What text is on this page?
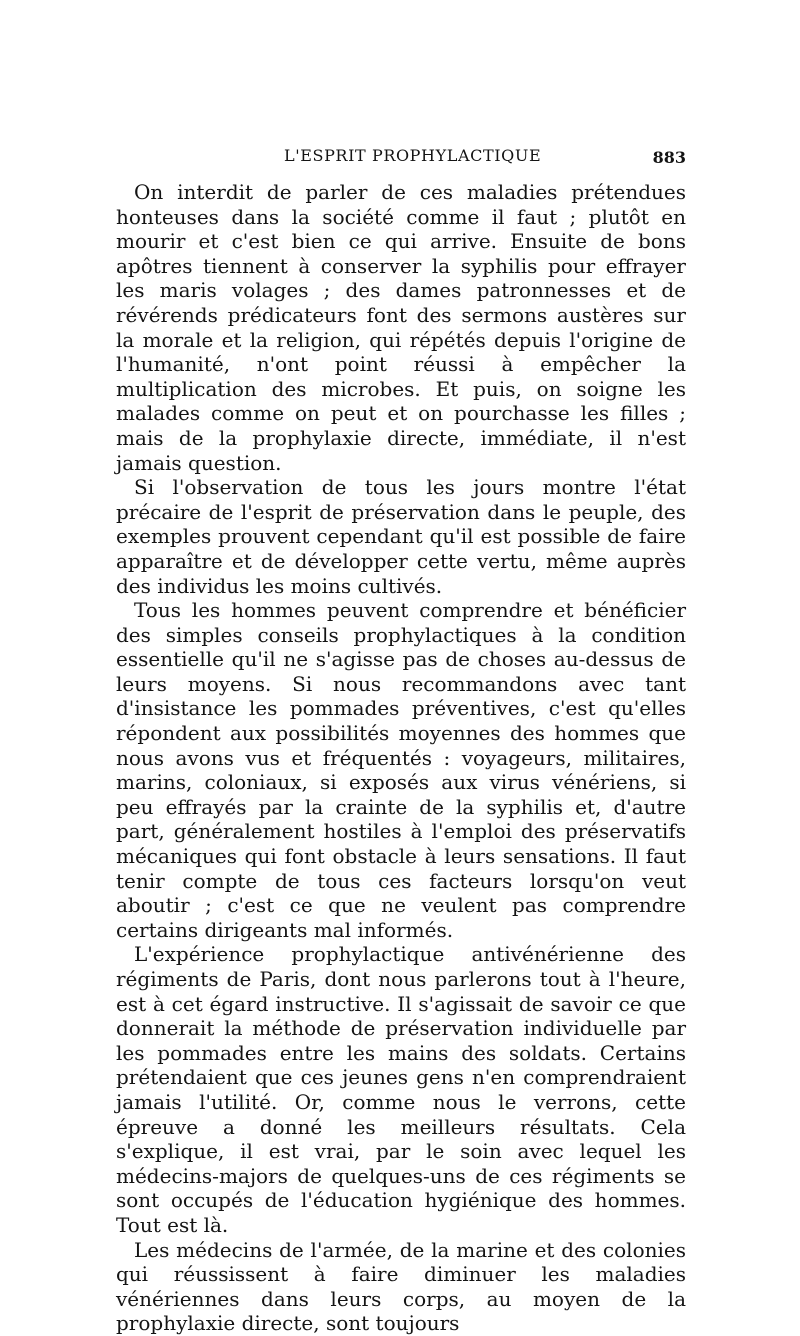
L'ESPRIT PROPHYLACTIQUE	883

On interdit de parler de ces maladies prétendues honteuses dans la société comme il faut ; plutôt en mourir et c'est bien ce qui arrive. Ensuite de bons apôtres tiennent à conserver la syphilis pour effrayer les maris volages ; des dames patronnesses et de révérends prédicateurs font des sermons austères sur la morale et la religion, qui répétés depuis l'origine de l'humanité, n'ont point réussi à empêcher la multiplication des microbes. Et puis, on soigne les malades comme on peut et on pourchasse les filles ; mais de la prophylaxie directe, immédiate, il n'est jamais question.

Si l'observation de tous les jours montre l'état précaire de l'esprit de préservation dans le peuple, des exemples prouvent cependant qu'il est possible de faire apparaître et de développer cette vertu, même auprès des individus les moins cultivés.

Tous les hommes peuvent comprendre et bénéficier des simples conseils prophylactiques à la condition essentielle qu'il ne s'agisse pas de choses au-dessus de leurs moyens. Si nous recommandons avec tant d'insistance les pommades préventives, c'est qu'elles répondent aux possibilités moyennes des hommes que nous avons vus et fréquentés : voyageurs, militaires, marins, coloniaux, si exposés aux virus vénériens, si peu effrayés par la crainte de la syphilis et, d'autre part, généralement hostiles à l'emploi des préservatifs mécaniques qui font obstacle à leurs sensations. Il faut tenir compte de tous ces facteurs lorsqu'on veut aboutir ; c'est ce que ne veulent pas comprendre certains dirigeants mal informés.

L'expérience prophylactique antivénérienne des régiments de Paris, dont nous parlerons tout à l'heure, est à cet égard instructive. Il s'agissait de savoir ce que donnerait la méthode de préservation individuelle par les pommades entre les mains des soldats. Certains prétendaient que ces jeunes gens n'en comprendraient jamais l'utilité. Or, comme nous le verrons, cette épreuve a donné les meilleurs résultats. Cela s'explique, il est vrai, par le soin avec lequel les médecins-majors de quelques-uns de ces régiments se sont occupés de l'éducation hygiénique des hommes. Tout est là.

Les médecins de l'armée, de la marine et des colonies qui réussissent à faire diminuer les maladies vénériennes dans leurs corps, au moyen de la prophylaxie directe, sont toujours
